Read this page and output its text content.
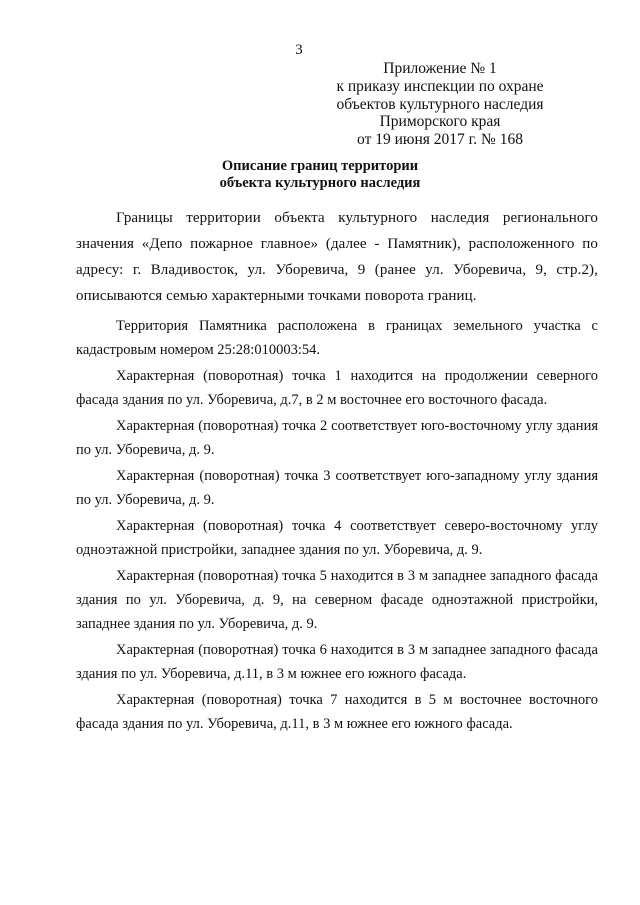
3
Приложение № 1
к приказу инспекции по охране
объектов культурного наследия
Приморского края
от 19 июня 2017 г. № 168
Описание границ территории
объекта культурного наследия

Границы территории объекта культурного наследия регионального значения «Депо пожарное главное» (далее - Памятник), расположенного по адресу: г. Владивосток, ул. Уборевича, 9 (ранее ул. Уборевича, 9, стр.2), описываются семью характерными точками поворота границ.

Территория Памятника расположена в границах земельного участка с кадастровым номером 25:28:010003:54.

Характерная (поворотная) точка 1 находится на продолжении северного фасада здания по ул. Уборевича, д.7, в 2 м восточнее его восточного фасада.

Характерная (поворотная) точка 2 соответствует юго-восточному углу здания по ул. Уборевича, д. 9.

Характерная (поворотная) точка 3 соответствует юго-западному углу здания по ул. Уборевича, д. 9.

Характерная (поворотная) точка 4 соответствует северо-восточному углу одноэтажной пристройки, западнее здания по ул. Уборевича, д. 9.

Характерная (поворотная) точка 5 находится в 3 м западнее западного фасада здания по ул. Уборевича, д. 9, на северном фасаде одноэтажной пристройки, западнее здания по ул. Уборевича, д. 9.

Характерная (поворотная) точка 6 находится в 3 м западнее западного фасада здания по ул. Уборевича, д.11, в 3 м южнее его южного фасада.

Характерная (поворотная) точка 7 находится в 5 м восточнее восточного фасада здания по ул. Уборевича, д.11, в 3 м южнее его южного фасада.
